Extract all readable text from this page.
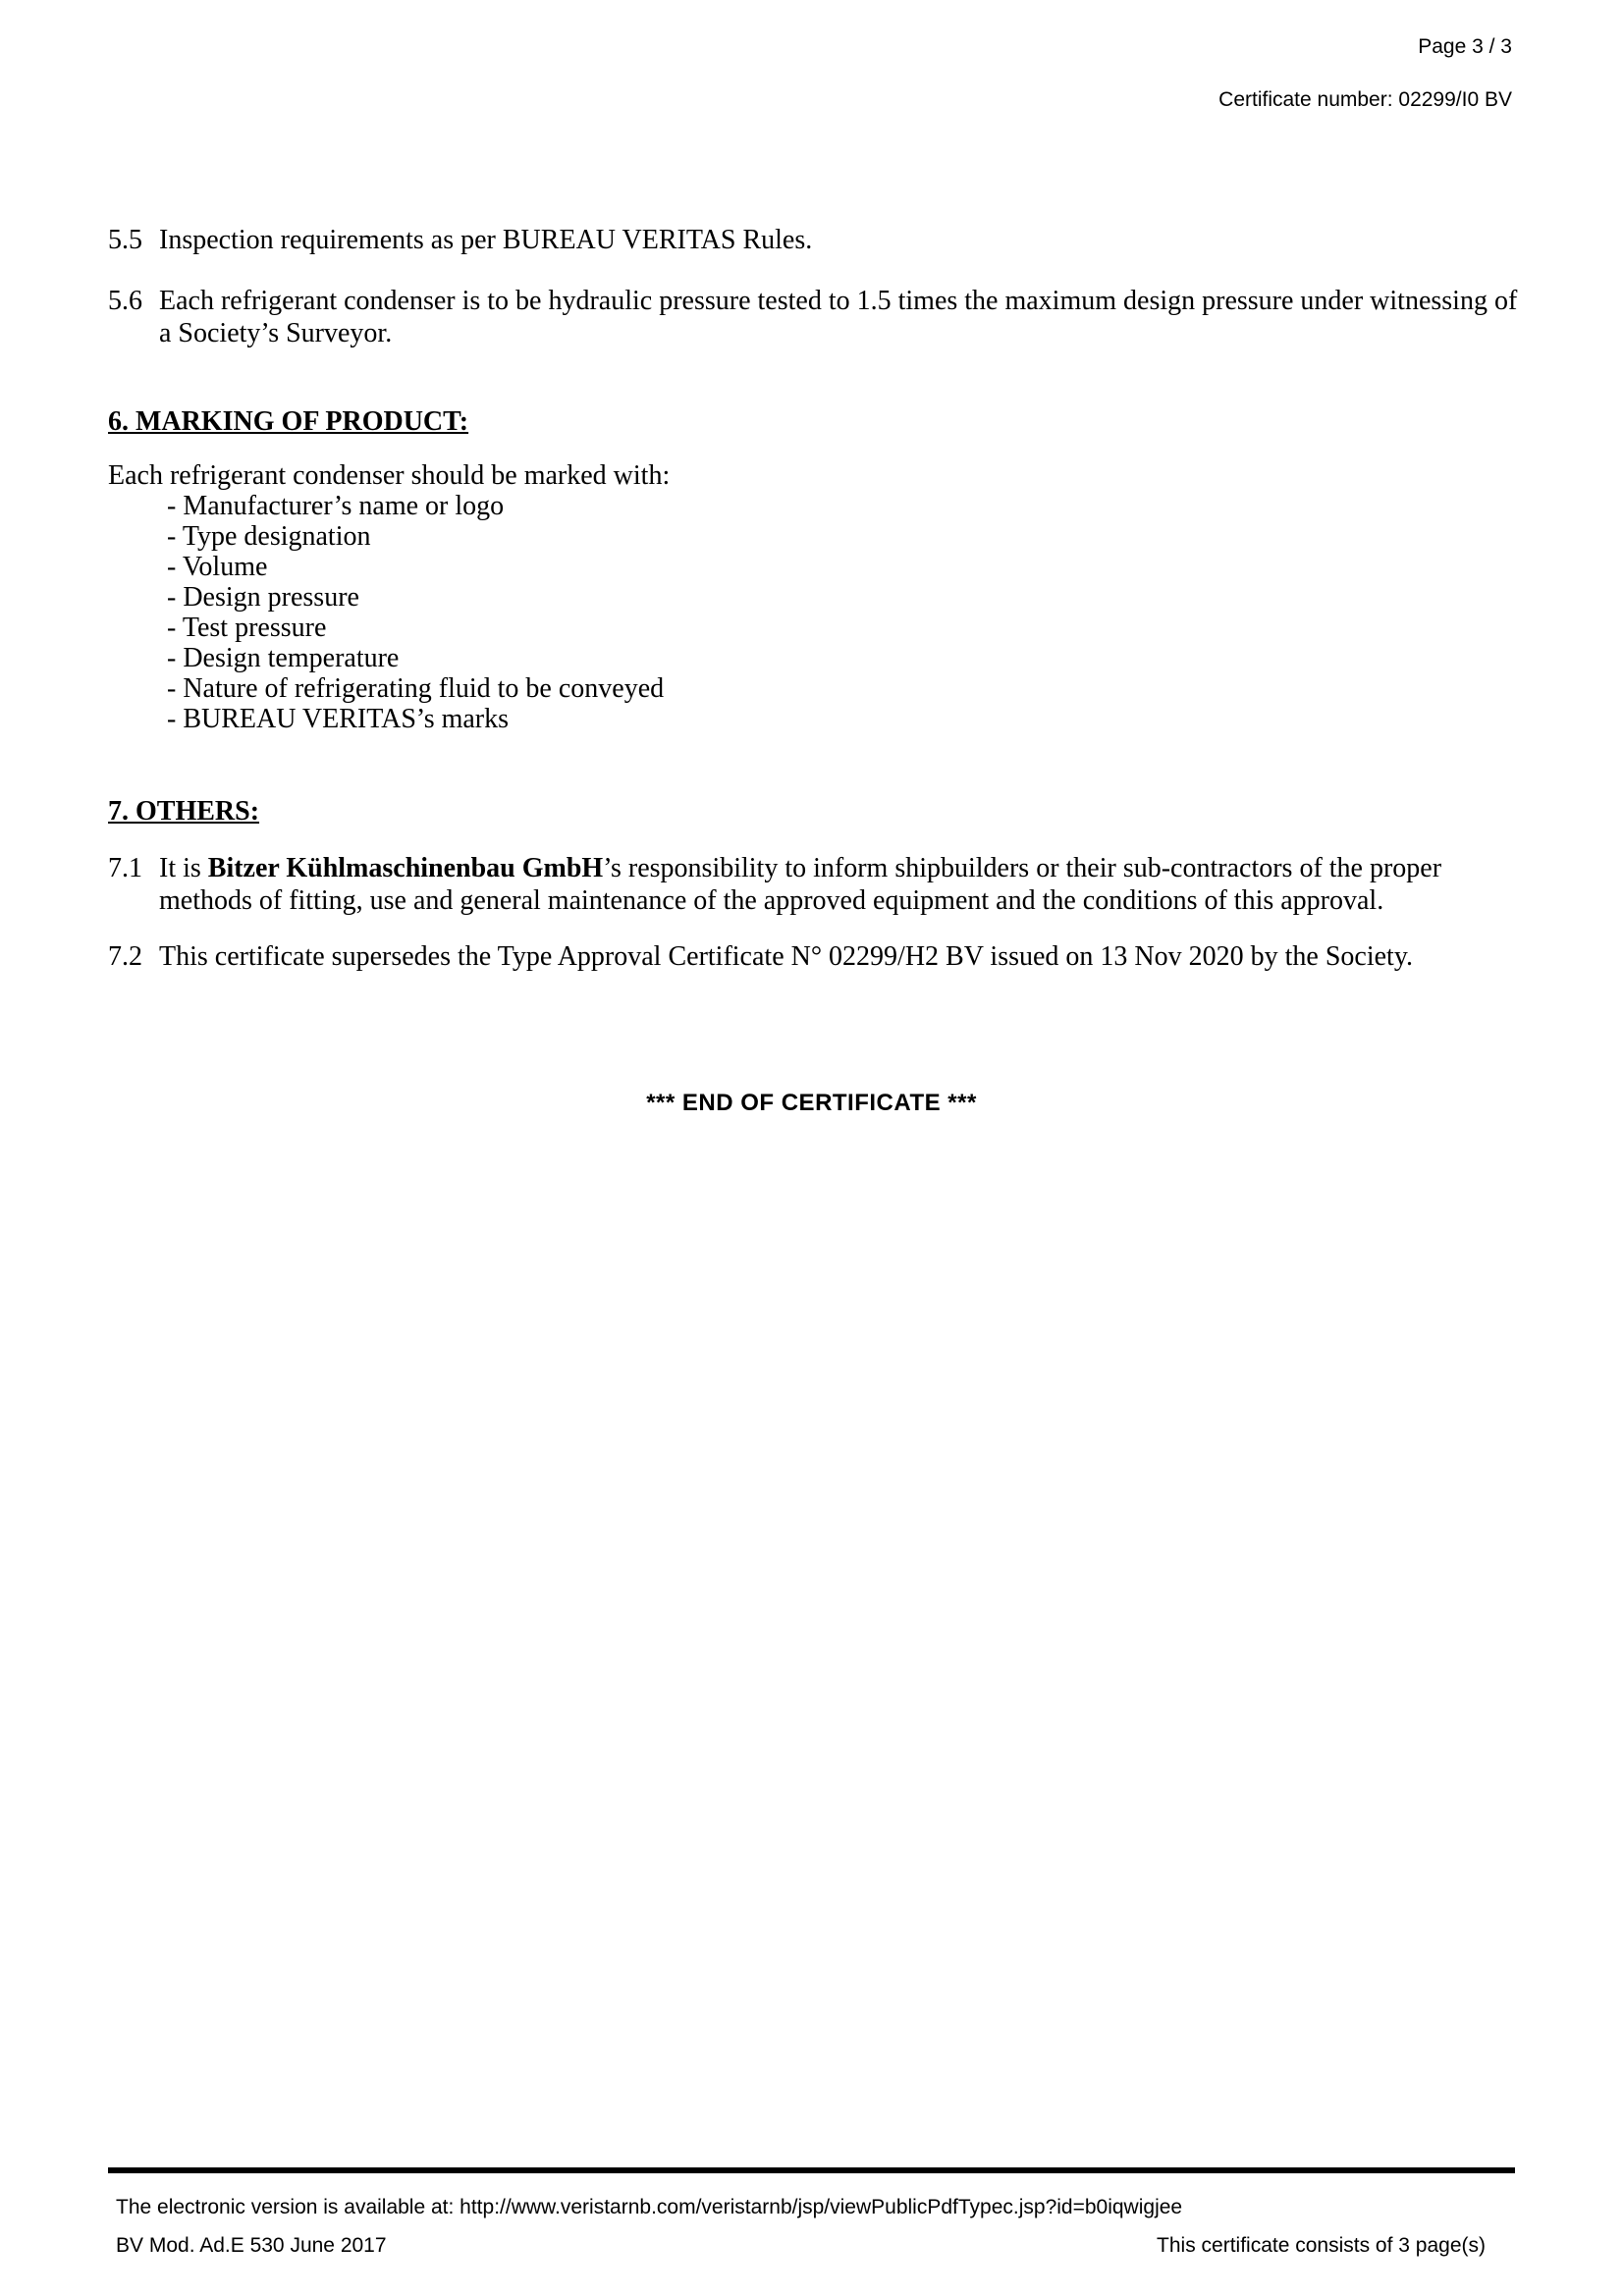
Page 3 / 3
Certificate number: 02299/I0 BV
5.5 Inspection requirements as per BUREAU VERITAS Rules.
5.6 Each refrigerant condenser is to be hydraulic pressure tested to 1.5 times the maximum design pressure under witnessing of a Society’s Surveyor.
6. MARKING OF PRODUCT:
Each refrigerant condenser should be marked with:
- Manufacturer’s name or logo
- Type designation
- Volume
- Design pressure
- Test pressure
- Design temperature
- Nature of refrigerating fluid to be conveyed
- BUREAU VERITAS’s marks
7. OTHERS:
7.1 It is Bitzer Kühlmaschinenbau GmbH’s responsibility to inform shipbuilders or their sub-contractors of the proper methods of fitting, use and general maintenance of the approved equipment and the conditions of this approval.
7.2 This certificate supersedes the Type Approval Certificate N° 02299/H2 BV issued on 13 Nov 2020 by the Society.
*** END OF CERTIFICATE ***
The electronic version is available at: http://www.veristarnb.com/veristarnb/jsp/viewPublicPdfTypec.jsp?id=b0iqwigjee
BV Mod. Ad.E 530 June 2017	This certificate consists of 3 page(s)
